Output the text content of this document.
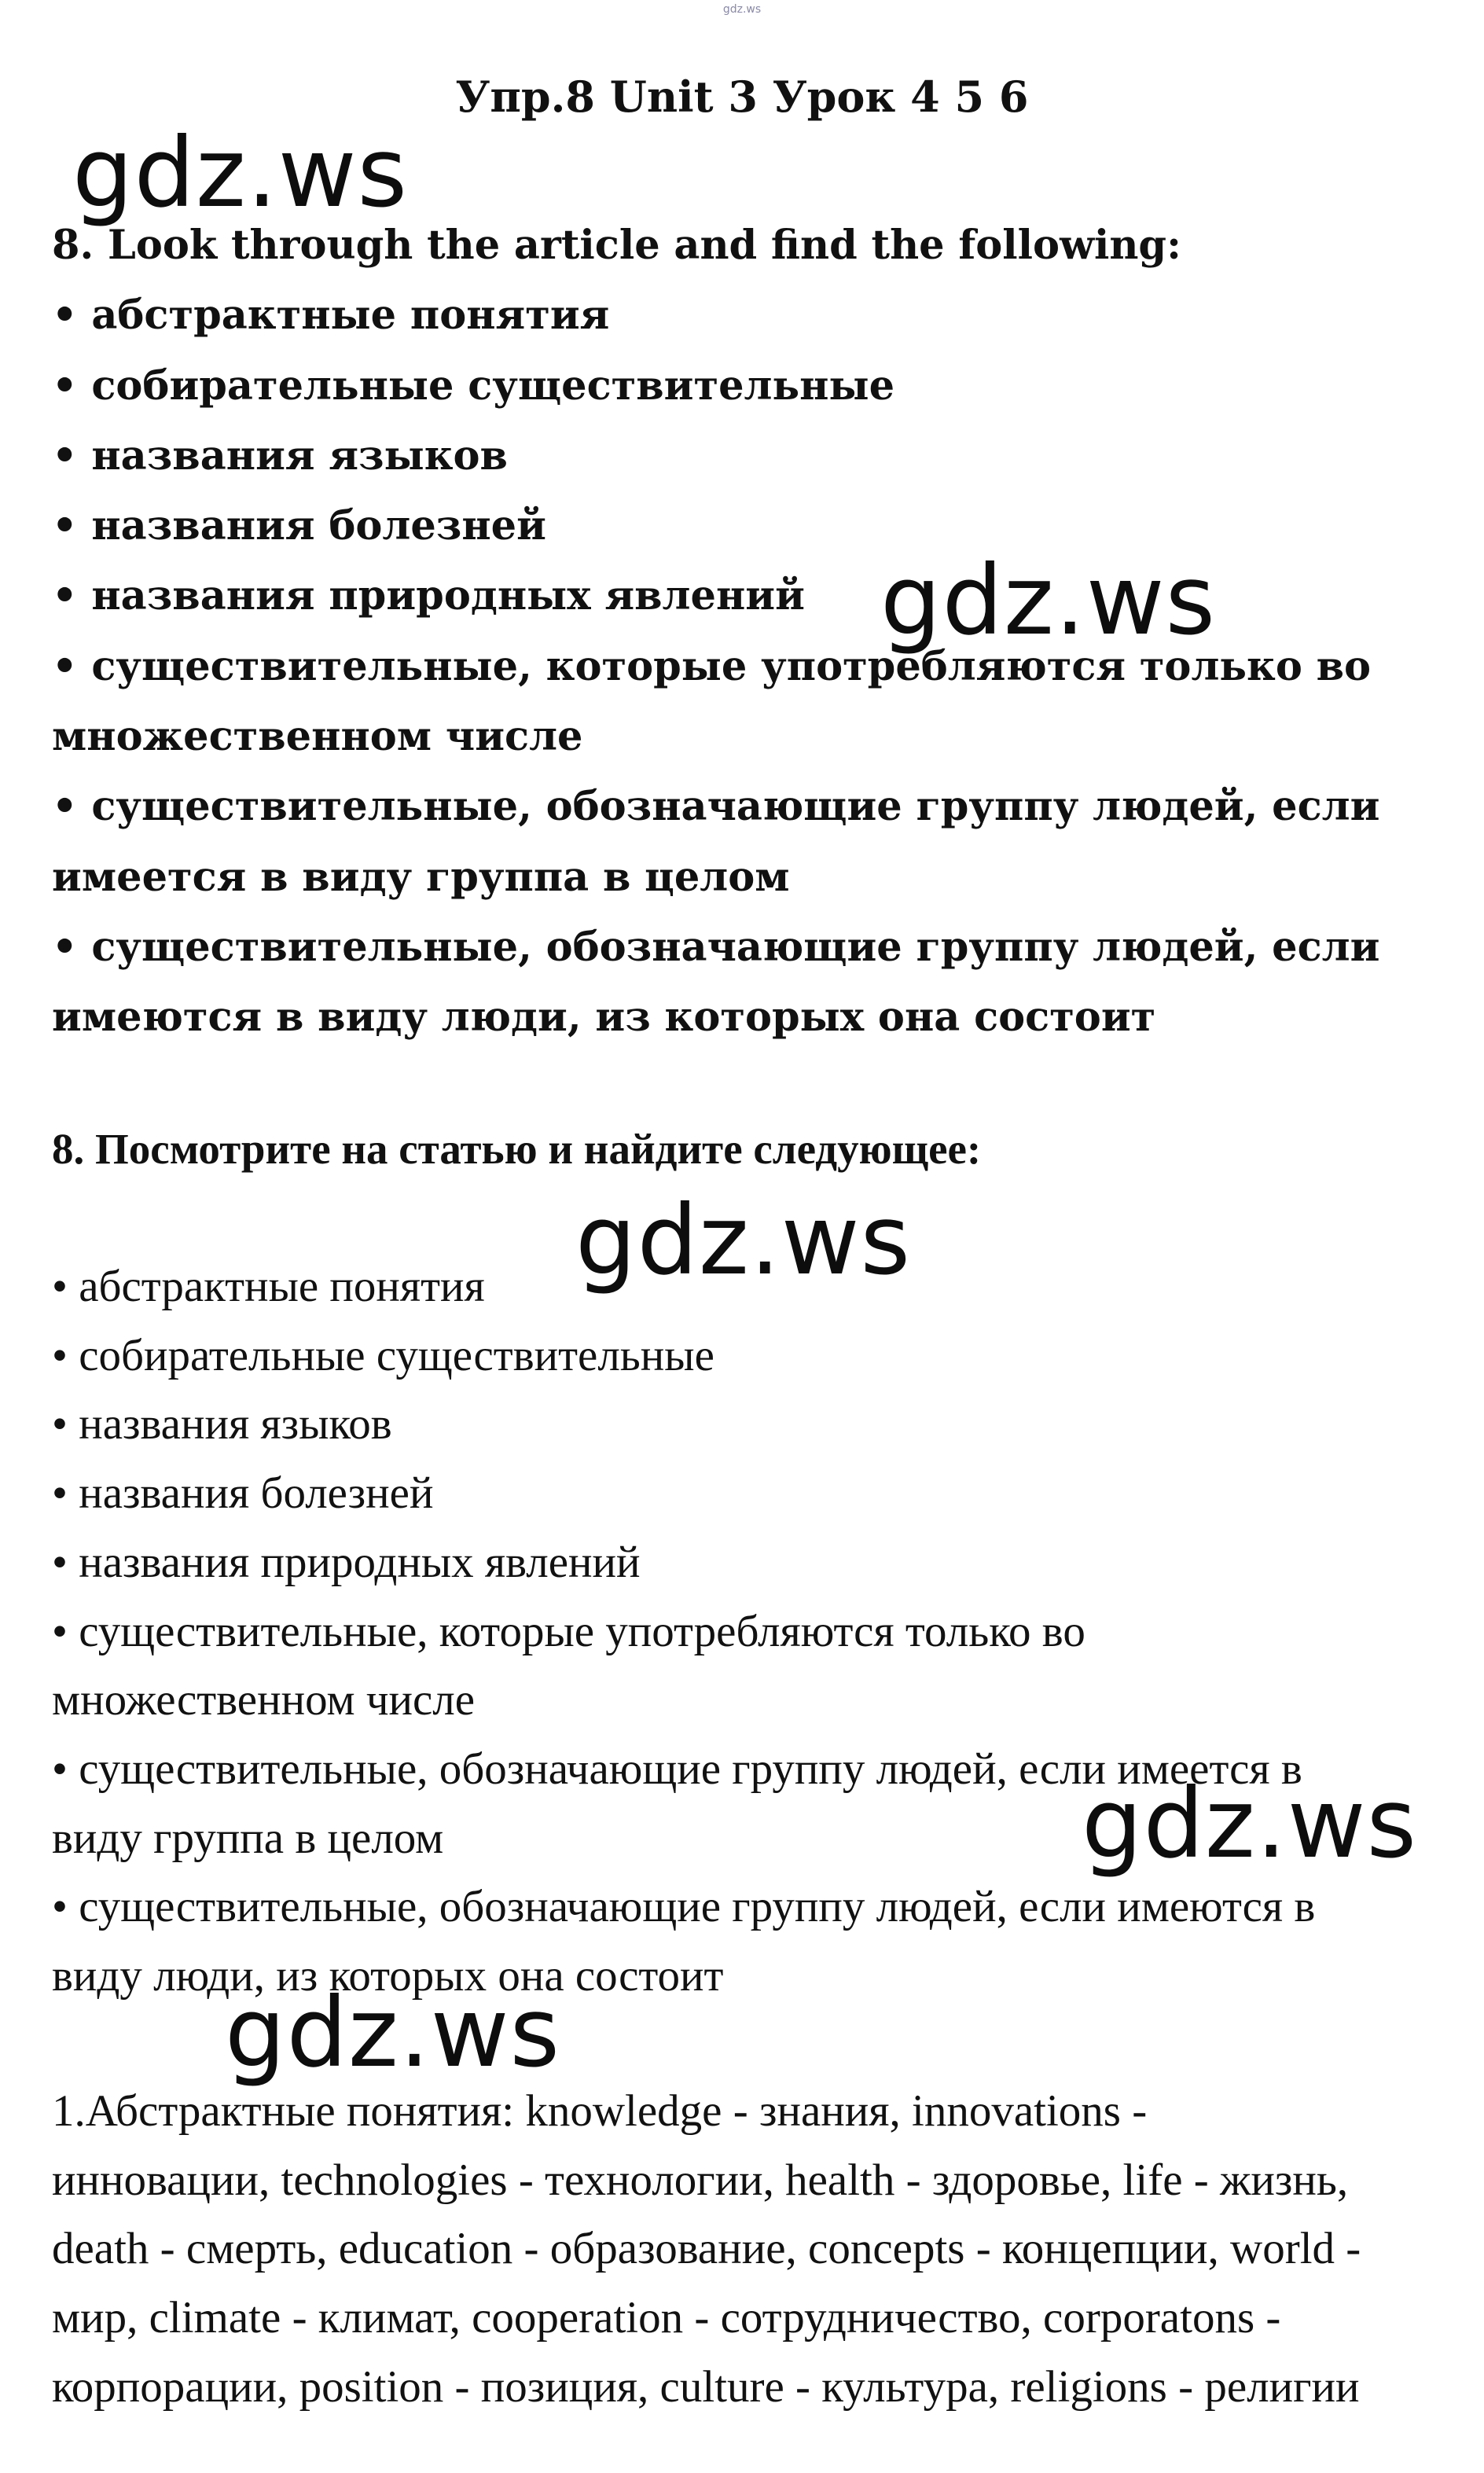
gdz.ws
Упр.8 Unit 3 Урок 4 5 6
gdz.ws
gdz.ws
gdz.ws
gdz.ws
gdz.ws

8. Look through the article and find the following:

• абстрактные понятия

• собирательные существительные

• названия языков

• названия болезней

• названия природных явлений

• существительные, которые употребляются только во

множественном числе

• существительные, обозначающие группу людей, если

имеется в виду группа в целом

• существительные, обозначающие группу людей, если

имеются в виду люди, из которых она состоит

8. Посмотрите на статью и найдите следующее:

• абстрактные понятия

• собирательные существительные

• названия языков

• названия болезней

• названия природных явлений

• существительные, которые употребляются только во

множественном числе

• существительные, обозначающие группу людей, если имеется в

виду группа в целом

• существительные, обозначающие группу людей, если имеются в

виду люди, из которых она состоит

1.Абстрактные понятия: knowledge - знания, innovations -

инновации, technologies - технологии, health - здоровье, life - жизнь,

death - смерть, education - образование, concepts - концепции, world -

мир, climate - климат, cooperation - сотрудничество, corporatons -

корпорации, position - позиция, culture - культура, religions - религии
